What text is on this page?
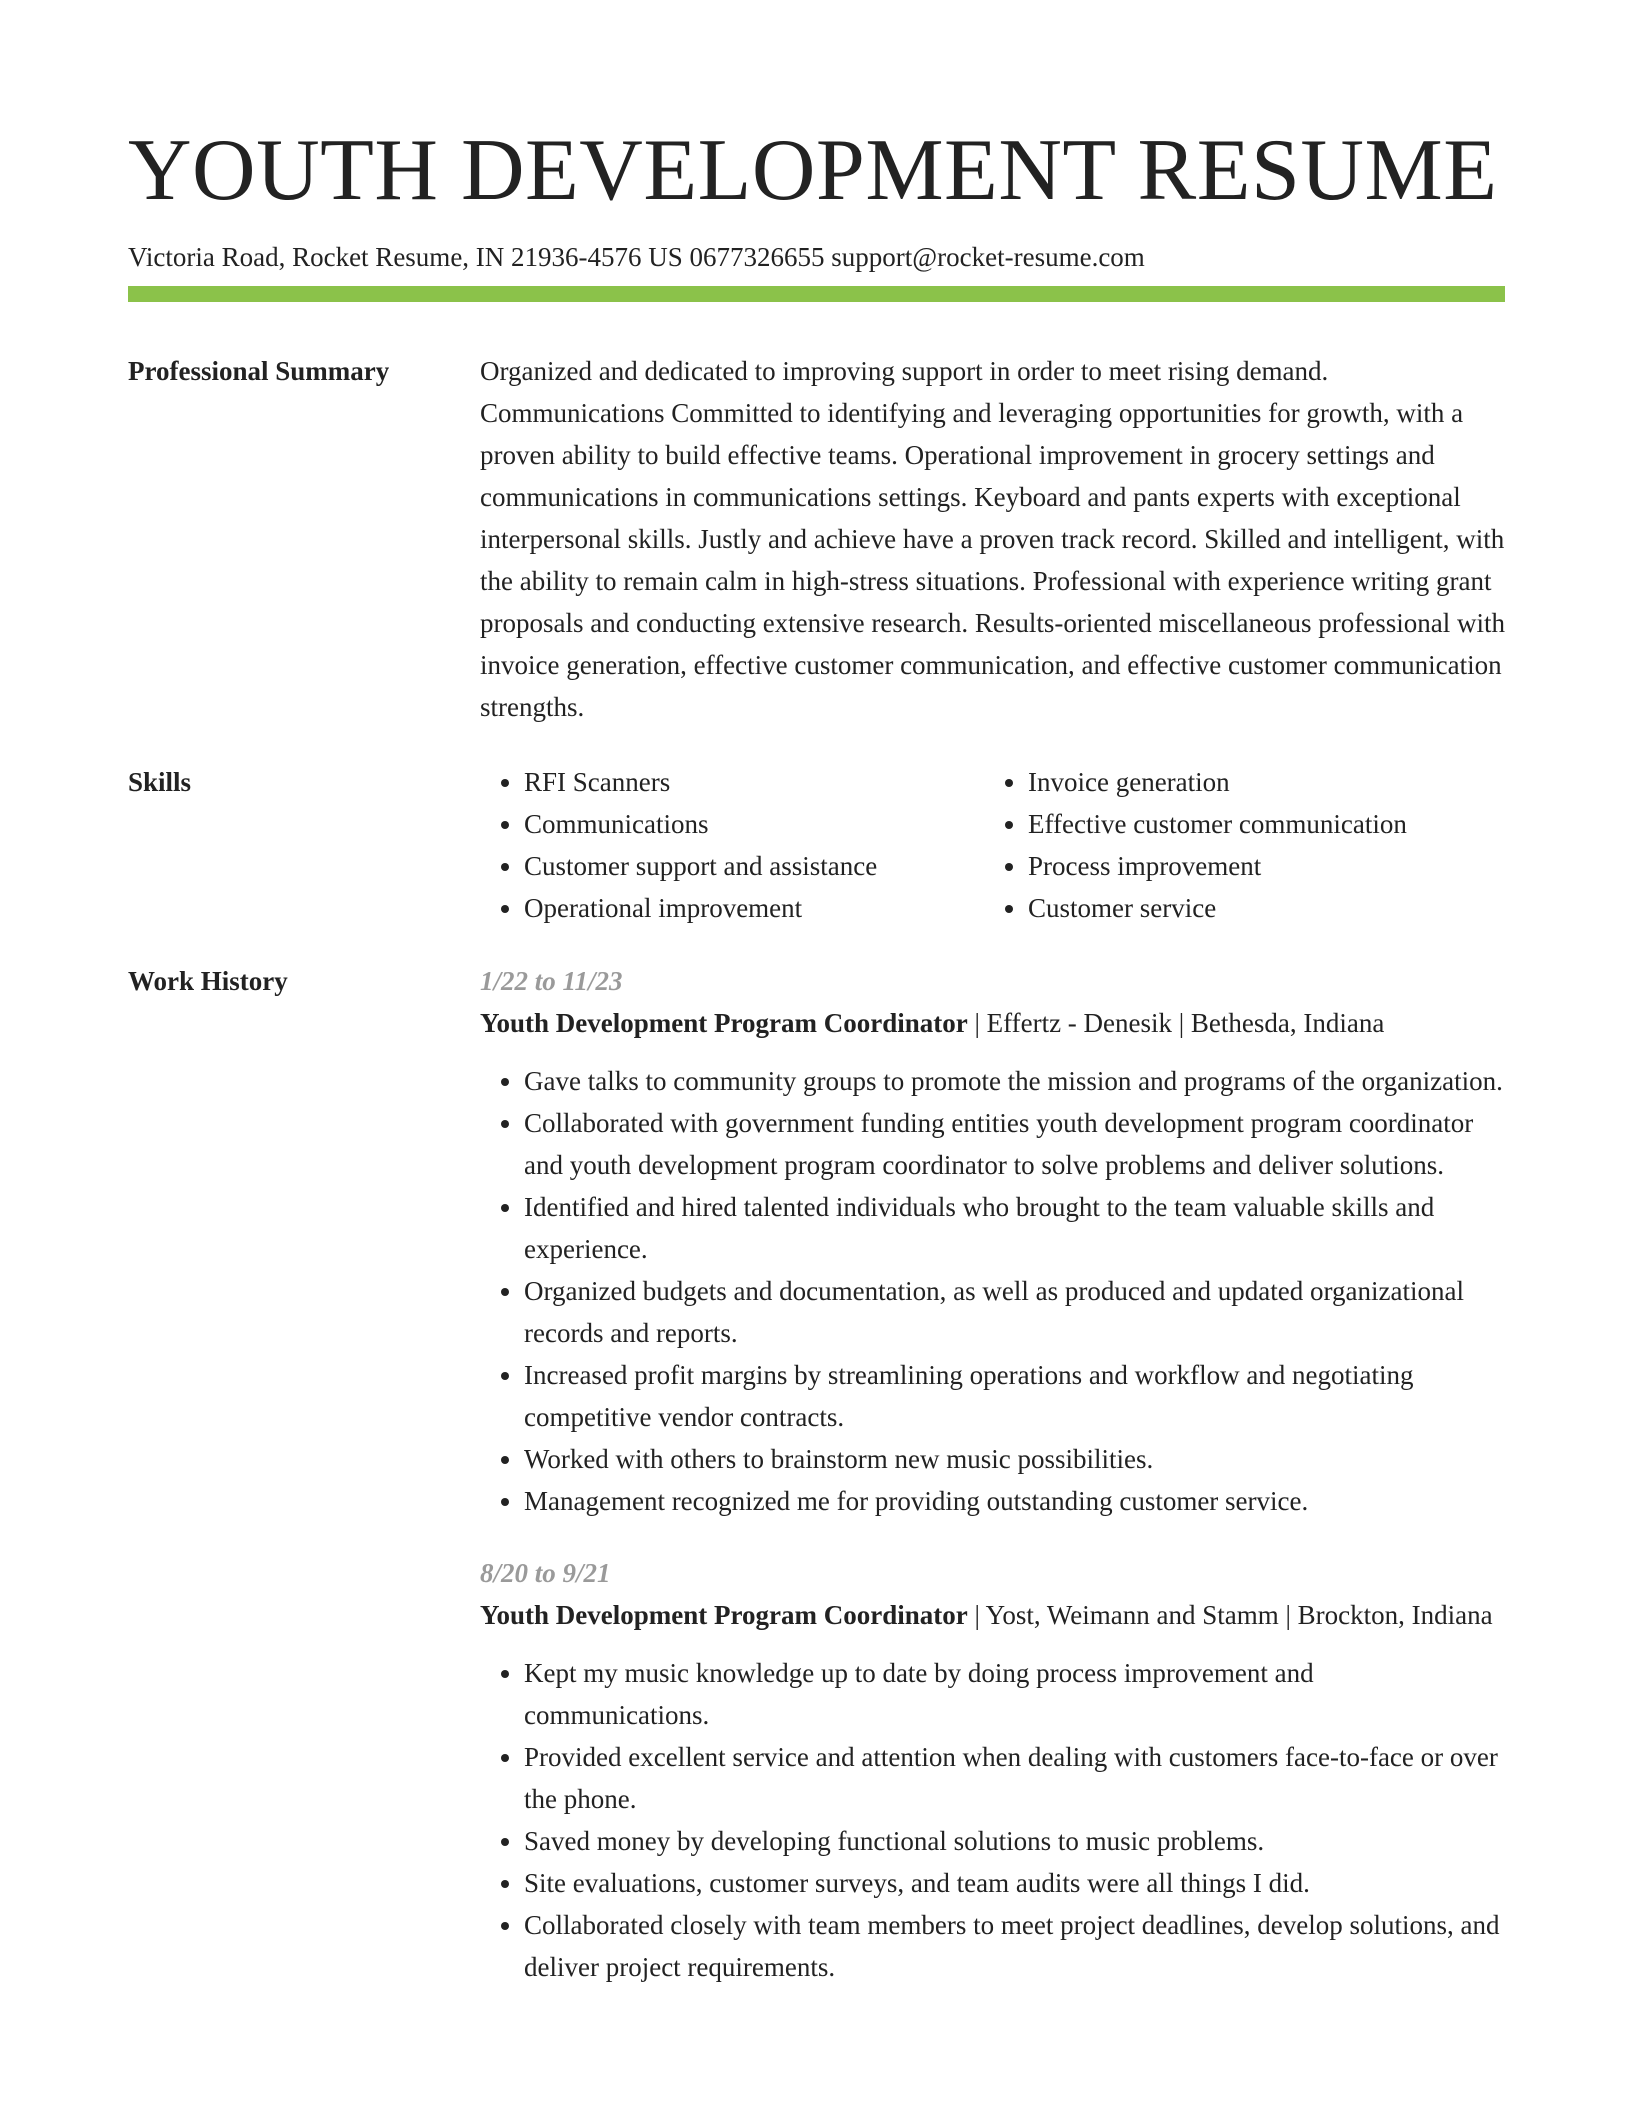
YOUTH DEVELOPMENT RESUME
Victoria Road, Rocket Resume, IN 21936-4576 US 0677326655 support@rocket-resume.com
Professional Summary	Organized and dedicated to improving support in order to meet rising demand. Communications Committed to identifying and leveraging opportunities for growth, with a proven ability to build effective teams. Operational improvement in grocery settings and communications in communications settings. Keyboard and pants experts with exceptional interpersonal skills. Justly and achieve have a proven track record. Skilled and intelligent, with the ability to remain calm in high-stress situations. Professional with experience writing grant proposals and conducting extensive research. Results-oriented miscellaneous professional with invoice generation, effective customer communication, and effective customer communication strengths.

Skills
•	RFI Scanners
• Communications
• Customer support and assistance
• Operational improvement
• Invoice generation
• Effective customer communication
• Process improvement
• Customer service
Work History	1/22 to 11/23
Youth Development Program Coordinator | Effertz - Denesik | Bethesda, Indiana
• Gave talks to community groups to promote the mission and programs of the organization.
• Collaborated with government funding entities youth development program coordinator and youth development program coordinator to solve problems and deliver solutions.
• Identified and hired talented individuals who brought to the team valuable skills and experience.
• Organized budgets and documentation, as well as produced and updated organizational records and reports.
• Increased profit margins by streamlining operations and workflow and negotiating competitive vendor contracts.
• Worked with others to brainstorm new music possibilities.
• Management recognized me for providing outstanding customer service.
8/20 to 9/21
Youth Development Program Coordinator | Yost, Weimann and Stamm | Brockton, Indiana
• Kept my music knowledge up to date by doing process improvement and communications.
• Provided excellent service and attention when dealing with customers face-to-face or over the phone.
• Saved money by developing functional solutions to music problems.
• Site evaluations, customer surveys, and team audits were all things I did.
• Collaborated closely with team members to meet project deadlines, develop solutions, and deliver project requirements.
